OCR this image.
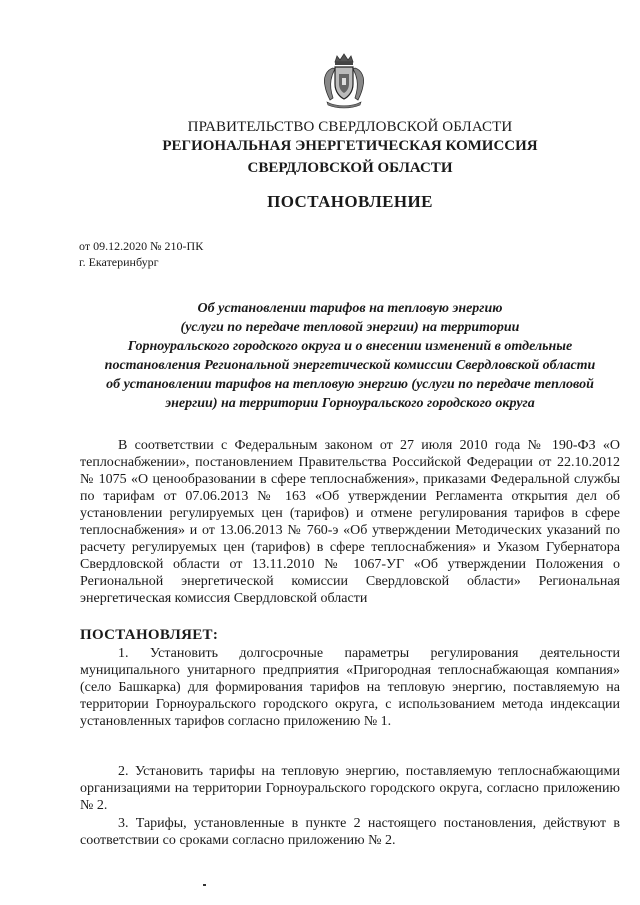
ПРАВИТЕЛЬСТВО СВЕРДЛОВСКОЙ ОБЛАСТИ
РЕГИОНАЛЬНАЯ ЭНЕРГЕТИЧЕСКАЯ КОМИССИЯ
СВЕРДЛОВСКОЙ ОБЛАСТИ
ПОСТАНОВЛЕНИЕ
от 09.12.2020 № 210-ПК
г. Екатеринбург
Об установлении тарифов на тепловую энергию
(услуги по передаче тепловой энергии) на территории
Горноуральского городского округа и о внесении изменений в отдельные
постановления Региональной энергетической комиссии Свердловской области
об установлении тарифов на тепловую энергию (услуги по передаче тепловой
энергии) на территории Горноуральского городского округа
В соответствии с Федеральным законом от 27 июля 2010 года № 190-ФЗ «О теплоснабжении», постановлением Правительства Российской Федерации от 22.10.2012 № 1075 «О ценообразовании в сфере теплоснабжения», приказами Федеральной службы по тарифам от 07.06.2013 № 163 «Об утверждении Регламента открытия дел об установлении регулируемых цен (тарифов) и отмене регулирования тарифов в сфере теплоснабжения» и от 13.06.2013 № 760-э «Об утверждении Методических указаний по расчету регулируемых цен (тарифов) в сфере теплоснабжения» и Указом Губернатора Свердловской области от 13.11.2010 № 1067-УГ «Об утверждении Положения о Региональной энергетической комиссии Свердловской области» Региональная энергетическая комиссия Свердловской области
ПОСТАНОВЛЯЕТ:
1. Установить долгосрочные параметры регулирования деятельности муниципального унитарного предприятия «Пригородная теплоснабжающая компания» (село Башкарка) для формирования тарифов на тепловую энергию, поставляемую на территории Горноуральского городского округа, с использованием метода индексации установленных тарифов согласно приложению № 1.
2. Установить тарифы на тепловую энергию, поставляемую теплоснабжающими организациями на территории Горноуральского городского округа, согласно приложению № 2.
3. Тарифы, установленные в пункте 2 настоящего постановления, действуют в соответствии со сроками согласно приложению № 2.
